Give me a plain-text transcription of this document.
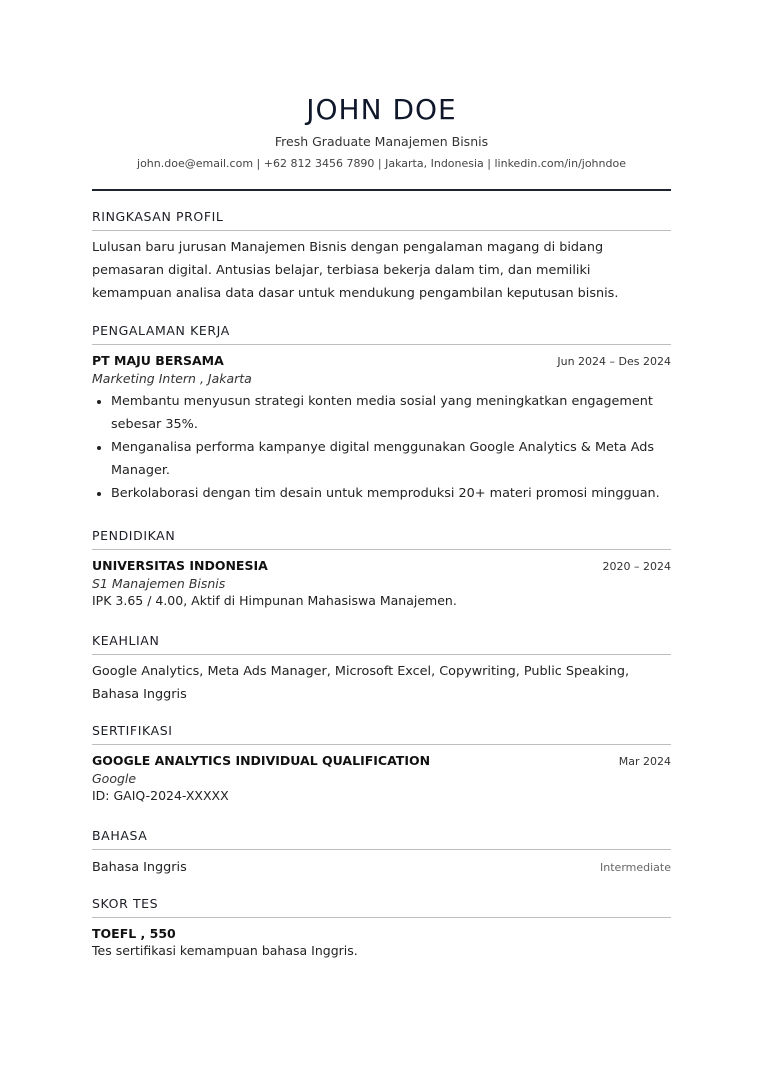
JOHN DOE
Fresh Graduate Manajemen Bisnis
john.doe@email.com | +62 812 3456 7890 | Jakarta, Indonesia | linkedin.com/in/johndoe
RINGKASAN PROFIL
Lulusan baru jurusan Manajemen Bisnis dengan pengalaman magang di bidang pemasaran digital. Antusias belajar, terbiasa bekerja dalam tim, dan memiliki kemampuan analisa data dasar untuk mendukung pengambilan keputusan bisnis.
PENGALAMAN KERJA
PT MAJU BERSAMA	Jun 2024 – Des 2024
Marketing Intern , Jakarta
• Membantu menyusun strategi konten media sosial yang meningkatkan engagement sebesar 35%.
• Menganalisa performa kampanye digital menggunakan Google Analytics & Meta Ads Manager.
• Berkolaborasi dengan tim desain untuk memproduksi 20+ materi promosi mingguan.
PENDIDIKAN
UNIVERSITAS INDONESIA	2020 – 2024
S1 Manajemen Bisnis
IPK 3.65 / 4.00, Aktif di Himpunan Mahasiswa Manajemen.
KEAHLIAN
Google Analytics, Meta Ads Manager, Microsoft Excel, Copywriting, Public Speaking, Bahasa Inggris
SERTIFIKASI
GOOGLE ANALYTICS INDIVIDUAL QUALIFICATION	Mar 2024
Google
ID: GAIQ-2024-XXXXX
BAHASA
Bahasa Inggris	Intermediate
SKOR TES
TOEFL , 550
Tes sertifikasi kemampuan bahasa Inggris.
